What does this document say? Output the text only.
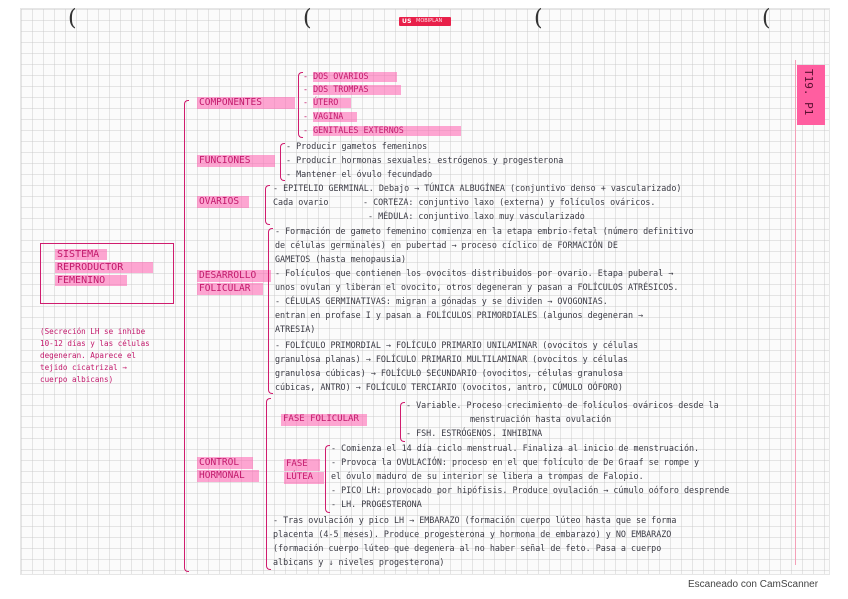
(	(	(	(
US MOBIPLAN
T19. P1
SISTEMA
REPRODUCTOR
FEMENINO
(Secreción LH se inhibe
10-12 días y las células
degeneran. Aparece el
tejido cicatrizal →
cuerpo albicans)
COMPONENTES
- DOS OVARIOS
- DOS TROMPAS
- ÚTERO
- VAGINA
- GENITALES EXTERNOS
FUNCIONES
- Producir gametos femeninos
- Producir hormonas sexuales: estrógenos y progesterona
- Mantener el óvulo fecundado
OVARIOS
- EPITELIO GERMINAL. Debajo → TÚNICA ALBUGÍNEA (conjuntivo denso + vascularizado)
Cada ovario	- CORTEZA: conjuntivo laxo (externa) y folículos ováricos.
- MÉDULA: conjuntivo laxo muy vascularizado
DESARROLLO
FOLICULAR
- Formación de gameto femenino comienza en la etapa embrio-fetal (número definitivo
de células germinales) en pubertad → proceso cíclico de FORMACIÓN DE
GAMETOS (hasta menopausia)
- Folículos que contienen los ovocitos distribuidos por ovario. Etapa puberal →
unos ovulan y liberan el ovocito, otros degeneran y pasan a FOLÍCULOS ATRÉSICOS.
- CÉLULAS GERMINATIVAS: migran a gónadas y se dividen → OVOGONIAS.
entran en profase I y pasan a FOLÍCULOS PRIMORDIALES (algunos degeneran →
ATRESIA)
- FOLÍCULO PRIMORDIAL → FOLÍCULO PRIMARIO UNILAMINAR (ovocitos y células
granulosa planas) → FOLÍCULO PRIMARIO MULTILAMINAR (ovocitos y células
granulosa cúbicas) → FOLÍCULO SECUNDARIO (ovocitos, células granulosa
cúbicas, ANTRO) → FOLÍCULO TERCIARIO (ovocitos, antro, CÚMULO OÓFORO)
CONTROL
HORMONAL
FASE FOLICULAR
- Variable. Proceso crecimiento de folículos ováricos desde la
menstruación hasta ovulación
- FSH. ESTRÓGENOS. INHIBINA
FASE
LÚTEA
- Comienza el 14 día ciclo menstrual. Finaliza al inicio de menstruación.
- Provoca la OVULACIÓN: proceso en el que folículo de De Graaf se rompe y
el óvulo maduro de su interior se libera a trompas de Falopio.
- PICO LH: provocado por hipófisis. Produce ovulación → cúmulo oóforo desprende
- LH. PROGESTERONA
- Tras ovulación y pico LH → EMBARAZO (formación cuerpo lúteo hasta que se forma
placenta (4-5 meses). Produce progesterona y hormona de embarazo) y NO EMBARAZO
(formación cuerpo lúteo que degenera al no haber señal de feto. Pasa a cuerpo
albicans y ↓ niveles progesterona)
Escaneado con CamScanner
